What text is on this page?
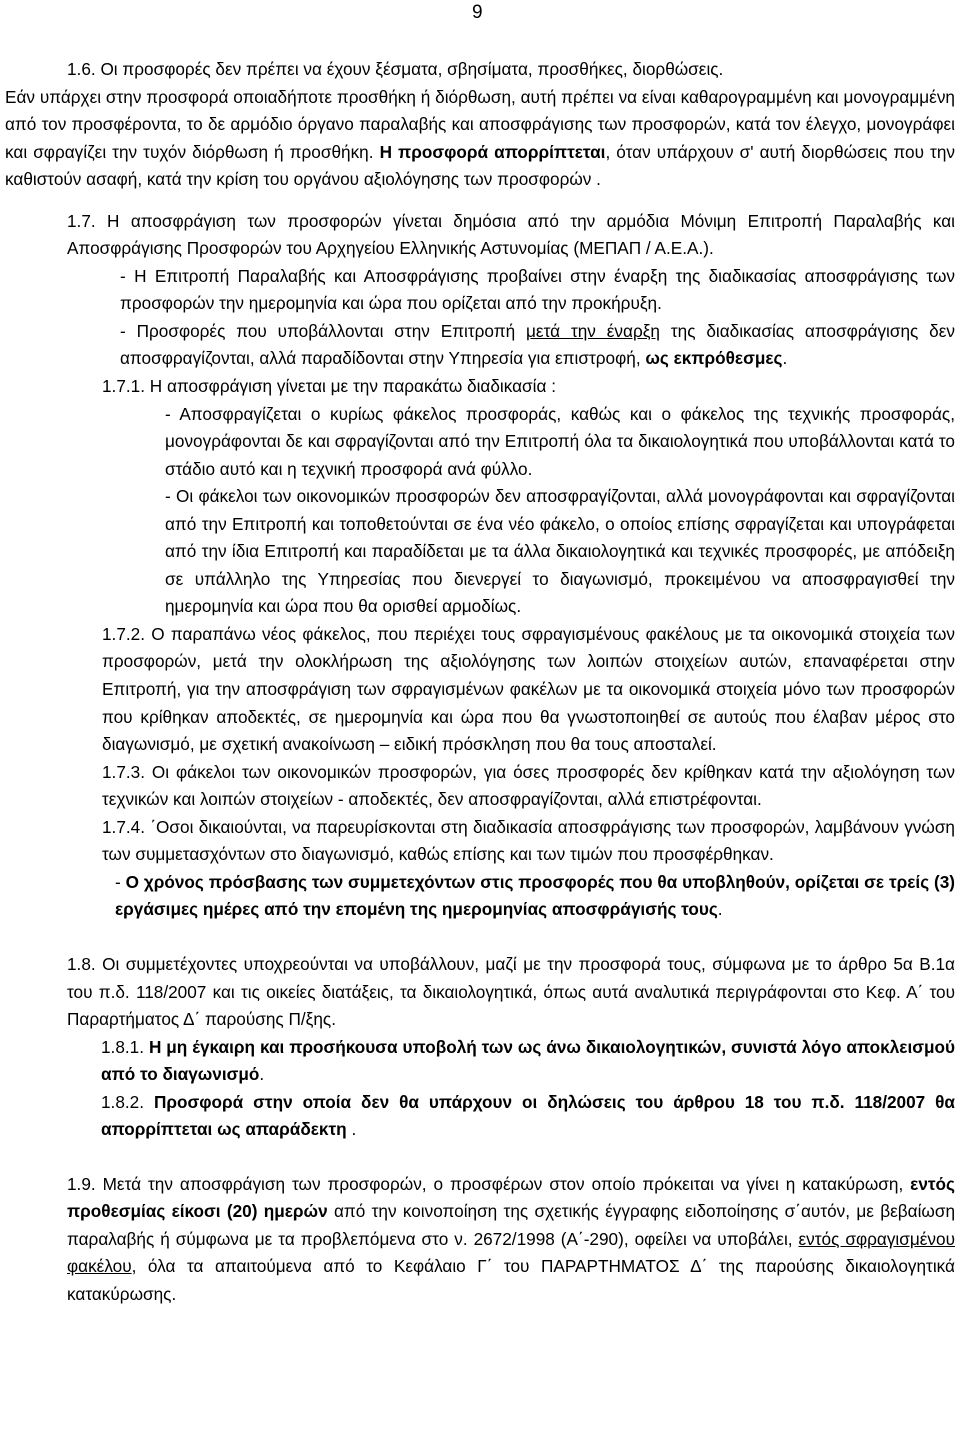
9

1.6. Οι προσφορές δεν πρέπει να έχουν ξέσματα, σβησίματα, προσθήκες, διορθώσεις.

Εάν υπάρχει στην προσφορά οποιαδήποτε προσθήκη ή διόρθωση, αυτή πρέπει να είναι καθαρογραμμένη και μονογραμμένη από τον προσφέροντα, το δε αρμόδιο όργανο παραλαβής και αποσφράγισης των προσφορών, κατά τον έλεγχο, μονογράφει και σφραγίζει την τυχόν διόρθωση ή προσθήκη. Η προσφορά απορρίπτεται, όταν υπάρχουν σ' αυτή διορθώσεις που την καθιστούν ασαφή, κατά την κρίση του οργάνου αξιολόγησης των προσφορών .

1.7. Η αποσφράγιση των προσφορών γίνεται δημόσια από την αρμόδια Μόνιμη Επιτροπή Παραλαβής και Αποσφράγισης Προσφορών του Αρχηγείου Ελληνικής Αστυνομίας (ΜΕΠΑΠ / Α.Ε.Α.).

- Η Επιτροπή Παραλαβής και Αποσφράγισης προβαίνει στην έναρξη της διαδικασίας αποσφράγισης των προσφορών την ημερομηνία και ώρα που ορίζεται από την προκήρυξη.

- Προσφορές που υποβάλλονται στην Επιτροπή μετά την έναρξη της διαδικασίας αποσφράγισης δεν αποσφραγίζονται, αλλά παραδίδονται στην Υπηρεσία για επιστροφή, ως εκπρόθεσμες.

1.7.1. Η αποσφράγιση γίνεται με την παρακάτω διαδικασία :

- Αποσφραγίζεται ο κυρίως φάκελος προσφοράς, καθώς και ο φάκελος της τεχνικής προσφοράς, μονογράφονται δε και σφραγίζονται από την Επιτροπή όλα τα δικαιολογητικά που υποβάλλονται κατά το στάδιο αυτό και η τεχνική προσφορά ανά φύλλο.

- Οι φάκελοι των οικονομικών προσφορών δεν αποσφραγίζονται, αλλά μονογράφονται και σφραγίζονται από την Επιτροπή και τοποθετούνται σε ένα νέο φάκελο, ο οποίος επίσης σφραγίζεται και υπογράφεται από την ίδια Επιτροπή και παραδίδεται με τα άλλα δικαιολογητικά και τεχνικές προσφορές, με απόδειξη σε υπάλληλο της Υπηρεσίας που διενεργεί το διαγωνισμό, προκειμένου να αποσφραγισθεί την ημερομηνία και ώρα που θα ορισθεί αρμοδίως.

1.7.2. Ο παραπάνω νέος φάκελος, που περιέχει τους σφραγισμένους φακέλους με τα οικονομικά στοιχεία των προσφορών, μετά την ολοκλήρωση της αξιολόγησης των λοιπών στοιχείων αυτών, επαναφέρεται στην Επιτροπή, για την αποσφράγιση των σφραγισμένων φακέλων με τα οικονομικά στοιχεία μόνο των προσφορών που κρίθηκαν αποδεκτές, σε ημερομηνία και ώρα που θα γνωστοποιηθεί σε αυτούς που έλαβαν μέρος στο διαγωνισμό, με σχετική ανακοίνωση – ειδική πρόσκληση που θα τους αποσταλεί.

1.7.3. Οι φάκελοι των οικονομικών προσφορών, για όσες προσφορές δεν κρίθηκαν κατά την αξιολόγηση των τεχνικών και λοιπών στοιχείων - αποδεκτές, δεν αποσφραγίζονται, αλλά επιστρέφονται.

1.7.4. ΄Οσοι δικαιούνται, να παρευρίσκονται στη διαδικασία αποσφράγισης των προσφορών, λαμβάνουν γνώση των συμμετασχόντων στο διαγωνισμό, καθώς επίσης και των τιμών που προσφέρθηκαν.

- Ο χρόνος πρόσβασης των συμμετεχόντων στις προσφορές που θα υποβληθούν, ορίζεται σε τρείς (3) εργάσιμες ημέρες από την επομένη της ημερομηνίας αποσφράγισής τους.

1.8. Οι συμμετέχοντες υποχρεούνται να υποβάλλουν, μαζί με την προσφορά τους, σύμφωνα με το άρθρο 5α Β.1α του π.δ. 118/2007 και τις οικείες διατάξεις, τα δικαιολογητικά, όπως αυτά αναλυτικά περιγράφονται στο Κεφ. Α΄ του Παραρτήματος Δ΄ παρούσης Π/ξης.

1.8.1. Η μη έγκαιρη και προσήκουσα υποβολή των ως άνω δικαιολογητικών, συνιστά λόγο αποκλεισμού από το διαγωνισμό.

1.8.2. Προσφορά στην οποία δεν θα υπάρχουν οι δηλώσεις του άρθρου 18 του π.δ. 118/2007 θα απορρίπτεται ως απαράδεκτη .

1.9. Μετά την αποσφράγιση των προσφορών, ο προσφέρων στον οποίο πρόκειται να γίνει η κατακύρωση, εντός προθεσμίας είκοσι (20) ημερών από την κοινοποίηση της σχετικής έγγραφης ειδοποίησης σ΄αυτόν, με βεβαίωση παραλαβής ή σύμφωνα με τα προβλεπόμενα στο ν. 2672/1998 (Α΄-290), οφείλει να υποβάλει, εντός σφραγισμένου φακέλου, όλα τα απαιτούμενα από το Κεφάλαιο Γ΄ του ΠΑΡΑΡΤΗΜΑΤΟΣ Δ΄ της παρούσης δικαιολογητικά κατακύρωσης.
